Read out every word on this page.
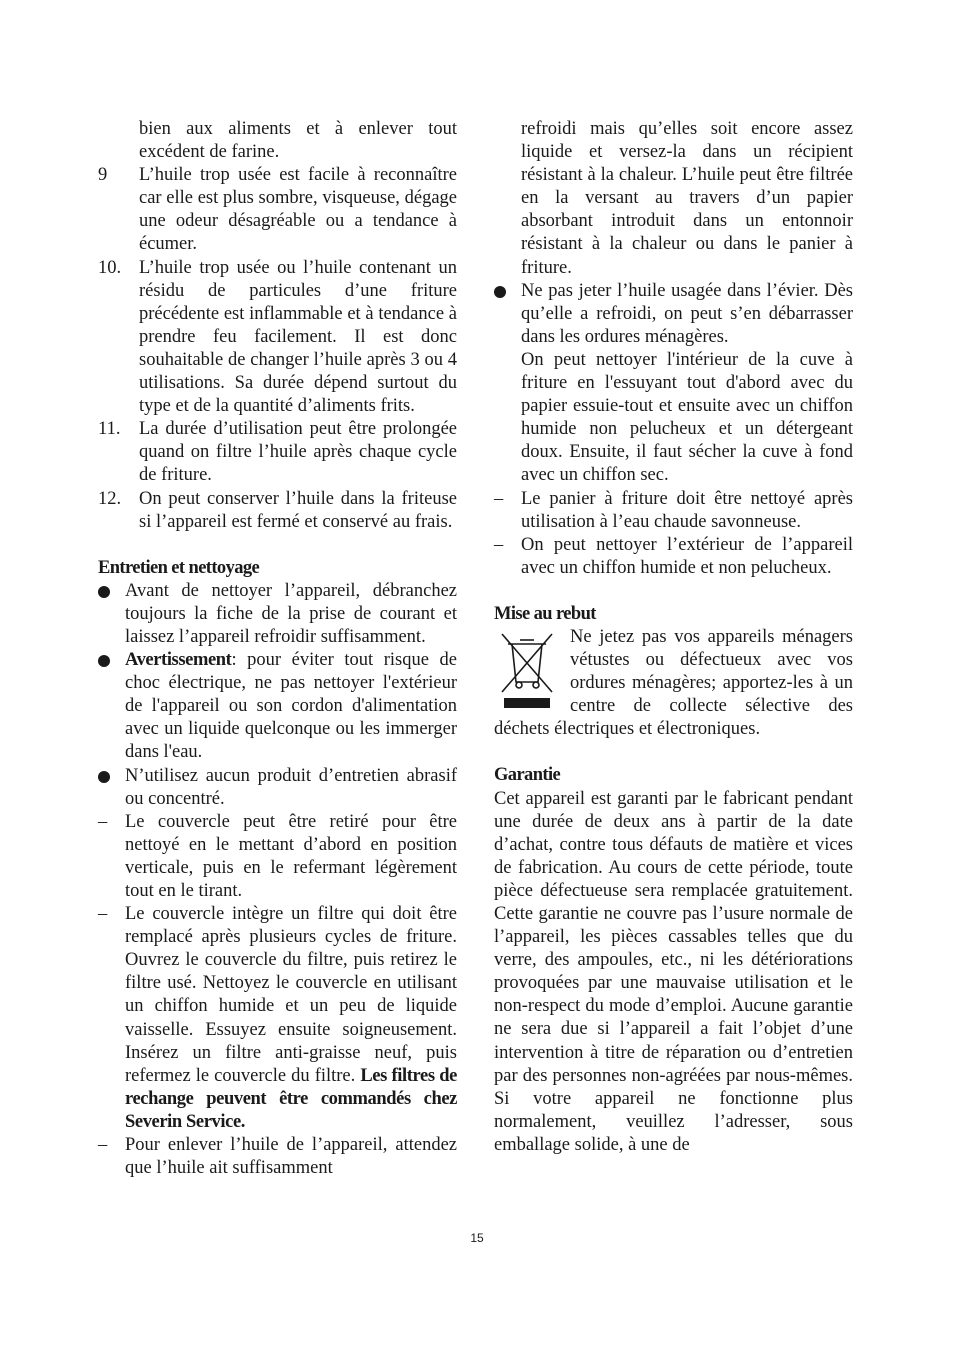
bien aux aliments et à enlever tout excédent de farine.
9 L’huile trop usée est facile à reconnaître car elle est plus sombre, visqueuse, dégage une odeur désagréable ou a tendance à écumer.
10. L’huile trop usée ou l’huile contenant un résidu de particules d’une friture précédente est inflammable et à tendance à prendre feu facilement. Il est donc souhaitable de changer l’huile après 3 ou 4 utilisations. Sa durée dépend surtout du type et de la quantité d’aliments frits.
11. La durée d’utilisation peut être prolongée quand on filtre l’huile après chaque cycle de friture.
12. On peut conserver l’huile dans la friteuse si l’appareil est fermé et conservé au frais.
Entretien et nettoyage
Avant de nettoyer l’appareil, débranchez toujours la fiche de la prise de courant et laissez l’appareil refroidir suffisamment.
Avertissement: pour éviter tout risque de choc électrique, ne pas nettoyer l'extérieur de l'appareil ou son cordon d'alimentation avec un liquide quelconque ou les immerger dans l'eau.
N’utilisez aucun produit d’entretien abrasif ou concentré.
– Le couvercle peut être retiré pour être nettoyé en le mettant d’abord en position verticale, puis en le refermant légèrement tout en le tirant.
– Le couvercle intègre un filtre qui doit être remplacé après plusieurs cycles de friture. Ouvrez le couvercle du filtre, puis retirez le filtre usé. Nettoyez le couvercle en utilisant un chiffon humide et un peu de liquide vaisselle. Essuyez ensuite soigneusement. Insérez un filtre anti-graisse neuf, puis refermez le couvercle du filtre. Les filtres de rechange peuvent être commandés chez Severin Service.
– Pour enlever l’huile de l’appareil, attendez que l’huile ait suffisamment
refroidi mais qu’elles soit encore assez liquide et versez-la dans un récipient résistant à la chaleur. L’huile peut être filtrée en la versant au travers d’un papier absorbant introduit dans un entonnoir résistant à la chaleur ou dans le panier à friture.
Ne pas jeter l’huile usagée dans l’évier. Dès qu’elle a refroidi, on peut s’en débarrasser dans les ordures ménagères.
On peut nettoyer l'intérieur de la cuve à friture en l'essuyant tout d'abord avec du papier essuie-tout et ensuite avec un chiffon humide non pelucheux et un détergeant doux. Ensuite, il faut sécher la cuve à fond avec un chiffon sec.
– Le panier à friture doit être nettoyé après utilisation à l’eau chaude savonneuse.
– On peut nettoyer l’extérieur de l’appareil avec un chiffon humide et non pelucheux.
Mise au rebut
Ne jetez pas vos appareils ménagers vétustes ou défectueux avec vos ordures ménagères; apportez-les à un centre de collecte sélective des déchets électriques et électroniques.
Garantie
Cet appareil est garanti par le fabricant pendant une durée de deux ans à partir de la date d’achat, contre tous défauts de matière et vices de fabrication. Au cours de cette période, toute pièce défectueuse sera remplacée gratuitement. Cette garantie ne couvre pas l’usure normale de l’appareil, les pièces cassables telles que du verre, des ampoules, etc., ni les détériorations provoquées par une mauvaise utilisation et le non-respect du mode d’emploi. Aucune garantie ne sera due si l’appareil a fait l’objet d’une intervention à titre de réparation ou d’entretien par des personnes non-agréées par nous-mêmes. Si votre appareil ne fonctionne plus normalement, veuillez l’adresser, sous emballage solide, à une de
15
